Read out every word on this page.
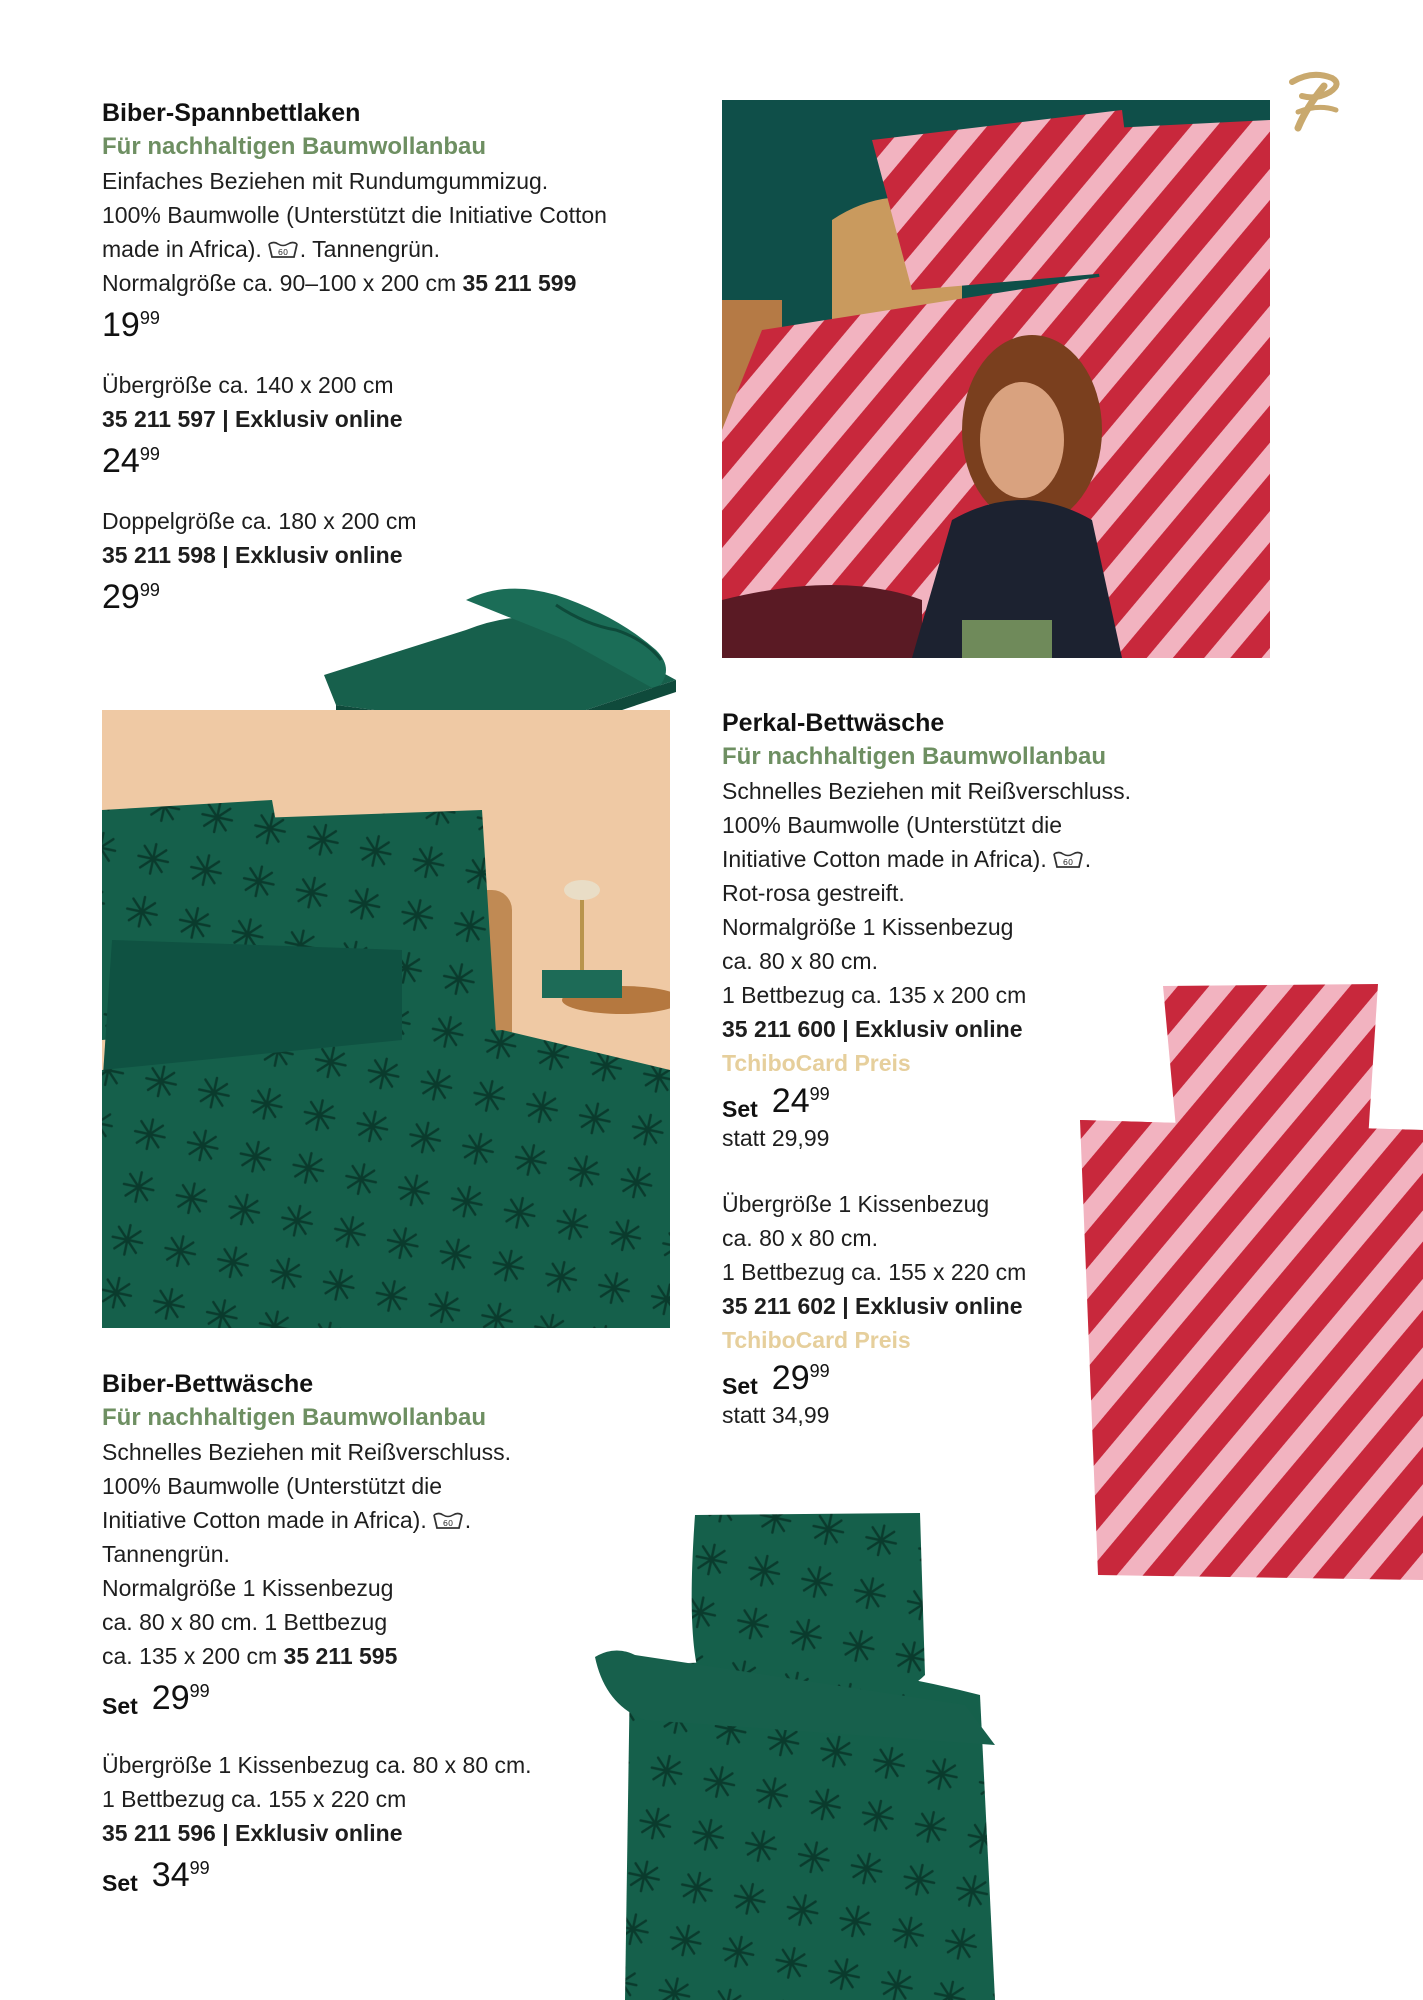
Biber-Spannbettlaken
Für nachhaltigen Baumwollanbau
Einfaches Beziehen mit Rundumgummizug.
100% Baumwolle (Unterstützt die Initiative Cotton
made in Africa). . Tannengrün.
Normalgröße ca. 90–100 x 200 cm 35 211 599
19 99
Übergröße ca. 140 x 200 cm
35 211 597 | Exklusiv online
24 99
Doppelgröße ca. 180 x 200 cm
35 211 598 | Exklusiv online
29 99
Perkal-Bettwäsche
Für nachhaltigen Baumwollanbau
Schnelles Beziehen mit Reißverschluss.
100% Baumwolle (Unterstützt die
Initiative Cotton made in Africa). .
Rot-rosa gestreift.
Normalgröße 1 Kissenbezug
ca. 80 x 80 cm.
1 Bettbezug ca. 135 x 200 cm
35 211 600 | Exklusiv online
TchiboCard Preis
Set 24 99
statt 29,99
Übergröße 1 Kissenbezug
ca. 80 x 80 cm.
1 Bettbezug ca. 155 x 220 cm
35 211 602 | Exklusiv online
TchiboCard Preis
Set 29 99
statt 34,99
Biber-Bettwäsche
Für nachhaltigen Baumwollanbau
Schnelles Beziehen mit Reißverschluss.
100% Baumwolle (Unterstützt die
Initiative Cotton made in Africa). .
Tannengrün.
Normalgröße 1 Kissenbezug
ca. 80 x 80 cm. 1 Bettbezug
ca. 135 x 200 cm 35 211 595
Set 29 99
Übergröße 1 Kissenbezug ca. 80 x 80 cm.
1 Bettbezug ca. 155 x 220 cm
35 211 596 | Exklusiv online
Set 34 99
